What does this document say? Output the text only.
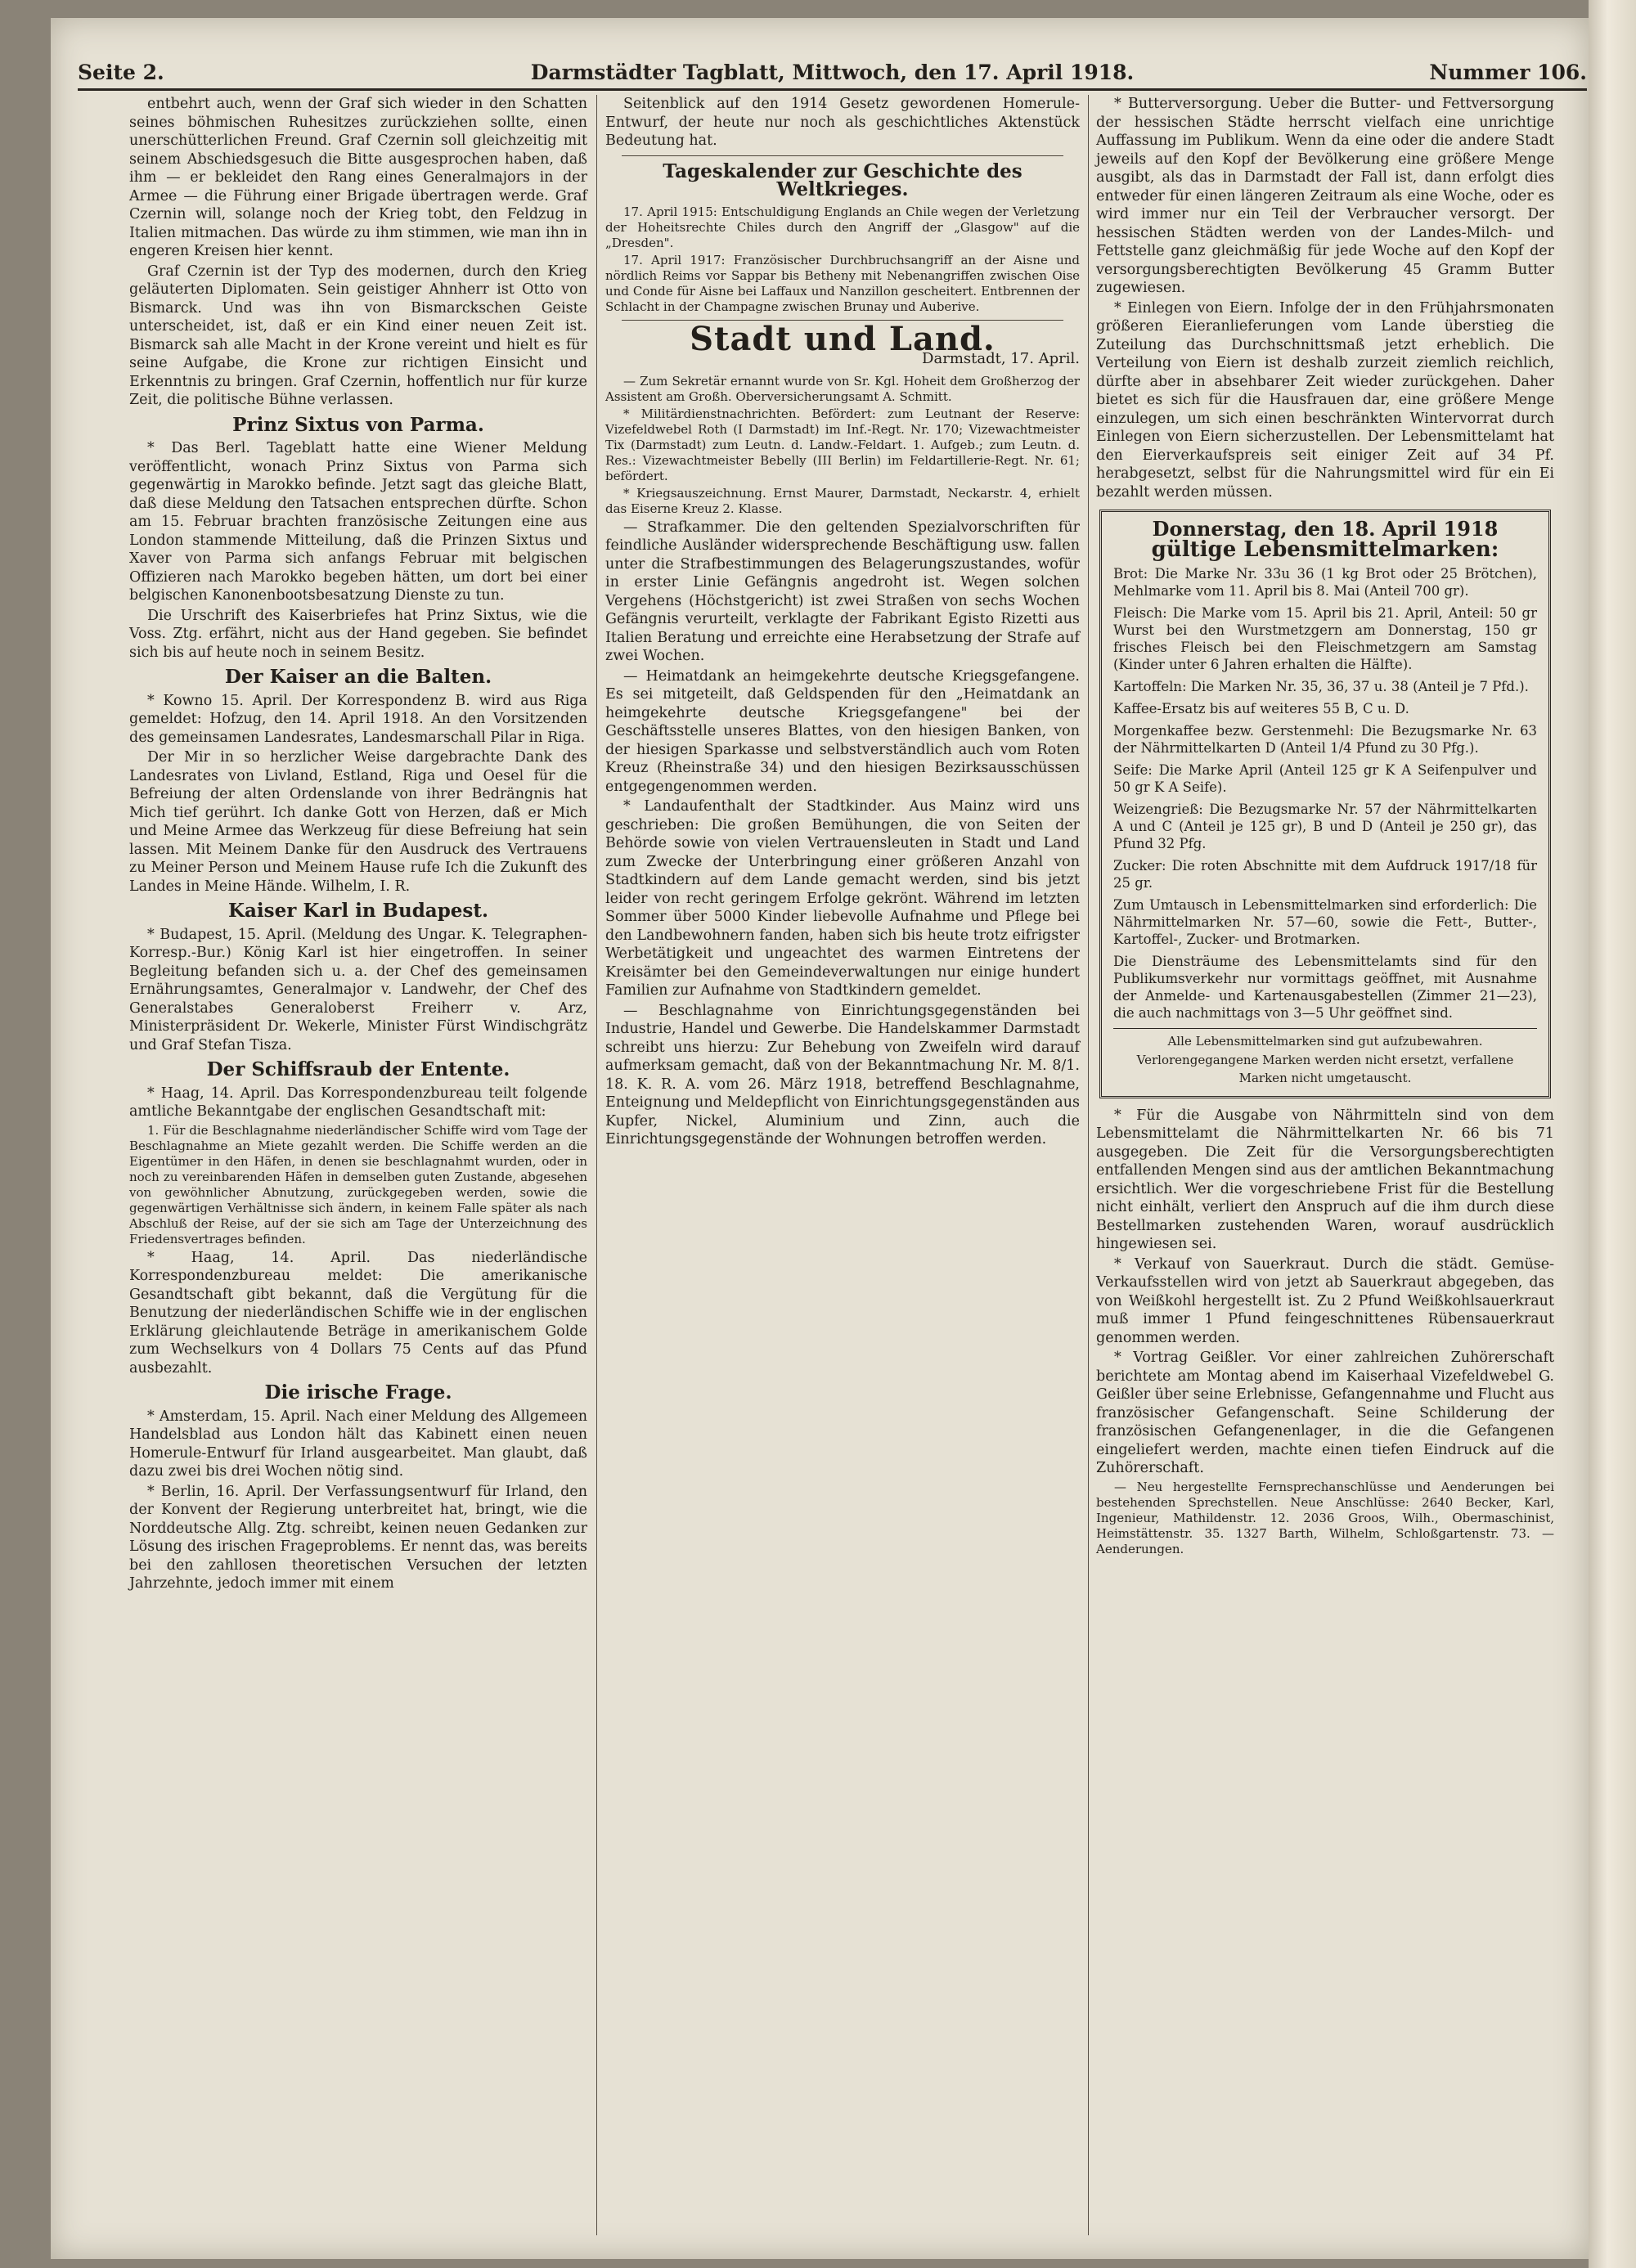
Seite 2.	Darmstädter Tagblatt, Mittwoch, den 17. April 1918.	Nummer 106.

entbehrt auch, wenn der Graf sich wieder in den Schatten seines böhmischen Ruhesitzes zurückziehen sollte, einen unerschütterlichen Freund. Graf Czernin soll gleichzeitig mit seinem Abschiedsgesuch die Bitte ausgesprochen haben, daß ihm — er bekleidet den Rang eines Generalmajors in der Armee — die Führung einer Brigade übertragen werde. Graf Czernin will, solange noch der Krieg tobt, den Feldzug in Italien mitmachen. Das würde zu ihm stimmen, wie man ihn in engeren Kreisen hier kennt.

Graf Czernin ist der Typ des modernen, durch den Krieg geläuterten Diplomaten. Sein geistiger Ahnherr ist Otto von Bismarck. Und was ihn von Bismarckschen Geiste unterscheidet, ist, daß er ein Kind einer neuen Zeit ist. Bismarck sah alle Macht in der Krone vereint und hielt es für seine Aufgabe, die Krone zur richtigen Einsicht und Erkenntnis zu bringen. Graf Czernin, hoffentlich nur für kurze Zeit, die politische Bühne verlassen.

Prinz Sixtus von Parma.

* Das Berl. Tageblatt hatte eine Wiener Meldung veröffentlicht, wonach Prinz Sixtus von Parma sich gegenwärtig in Marokko befinde. Jetzt sagt das gleiche Blatt, daß diese Meldung den Tatsachen entsprechen dürfte. Schon am 15. Februar brachten französische Zeitungen eine aus London stammende Mitteilung, daß die Prinzen Sixtus und Xaver von Parma sich anfangs Februar mit belgischen Offizieren nach Marokko begeben hätten, um dort bei einer belgischen Kanonenbootsbesatzung Dienste zu tun.

Die Urschrift des Kaiserbriefes hat Prinz Sixtus, wie die Voss. Ztg. erfährt, nicht aus der Hand gegeben. Sie befindet sich bis auf heute noch in seinem Besitz.

Der Kaiser an die Balten.

* Kowno 15. April. Der Korrespondenz B. wird aus Riga gemeldet: Hofzug, den 14. April 1918. An den Vorsitzenden des gemeinsamen Landesrates, Landesmarschall Pilar in Riga.

Der Mir in so herzlicher Weise dargebrachte Dank des Landesrates von Livland, Estland, Riga und Oesel für die Befreiung der alten Ordenslande von ihrer Bedrängnis hat Mich tief gerührt. Ich danke Gott von Herzen, daß er Mich und Meine Armee das Werkzeug für diese Befreiung hat sein lassen. Mit Meinem Danke für den Ausdruck des Vertrauens zu Meiner Person und Meinem Hause rufe Ich die Zukunft des Landes in Meine Hände. Wilhelm, I. R.

Kaiser Karl in Budapest.

* Budapest, 15. April. (Meldung des Ungar. K. Telegraphen-Korresp.-Bur.) König Karl ist hier eingetroffen. In seiner Begleitung befanden sich u. a. der Chef des gemeinsamen Ernährungsamtes, Generalmajor v. Landwehr, der Chef des Generalstabes Generaloberst Freiherr v. Arz, Ministerpräsident Dr. Wekerle, Minister Fürst Windischgrätz und Graf Stefan Tisza.

Der Schiffsraub der Entente.

* Haag, 14. April. Das Korrespondenzbureau teilt folgende amtliche Bekanntgabe der englischen Gesandtschaft mit:

1. Für die Beschlagnahme niederländischer Schiffe wird vom Tage der Beschlagnahme an Miete gezahlt werden. Die Schiffe werden an die Eigentümer in den Häfen, in denen sie beschlagnahmt wurden, oder in noch zu vereinbarenden Häfen in demselben guten Zustande, abgesehen von gewöhnlicher Abnutzung, zurückgegeben werden, sowie die gegenwärtigen Verhältnisse sich ändern, in keinem Falle später als nach Abschluß der Reise, auf der sie sich am Tage der Unterzeichnung des Friedensvertrages befinden.

* Haag, 14. April. Das niederländische Korrespondenzbureau meldet: Die amerikanische Gesandtschaft gibt bekannt, daß die Vergütung für die Benutzung der niederländischen Schiffe wie in der englischen Erklärung gleichlautende Beträge in amerikanischem Golde zum Wechselkurs von 4 Dollars 75 Cents auf das Pfund ausbezahlt.

Die irische Frage.

* Amsterdam, 15. April. Nach einer Meldung des Allgemeen Handelsblad aus London hält das Kabinett einen neuen Homerule-Entwurf für Irland ausgearbeitet. Man glaubt, daß dazu zwei bis drei Wochen nötig sind.

* Berlin, 16. April. Der Verfassungsentwurf für Irland, den der Konvent der Regierung unterbreitet hat, bringt, wie die Norddeutsche Allg. Ztg. schreibt, keinen neuen Gedanken zur Lösung des irischen Frageproblems. Er nennt das, was bereits bei den zahllosen theoretischen Versuchen der letzten Jahrzehnte, jedoch immer mit einem

Seitenblick auf den 1914 Gesetz gewordenen Homerule-Entwurf, der heute nur noch als geschichtliches Aktenstück Bedeutung hat.

Tageskalender zur Geschichte des Weltkrieges.

17. April 1915: Entschuldigung Englands an Chile wegen der Verletzung der Hoheitsrechte Chiles durch den Angriff der „Glasgow" auf die „Dresden".

17. April 1917: Französischer Durchbruchsangriff an der Aisne und nördlich Reims vor Sappar bis Betheny mit Nebenangriffen zwischen Oise und Conde für Aisne bei Laffaux und Nanzillon gescheitert. Entbrennen der Schlacht in der Champagne zwischen Brunay und Auberive.

Stadt und Land.
Darmstadt, 17. April.

— Zum Sekretär ernannt wurde von Sr. Kgl. Hoheit dem Großherzog der Assistent am Großh. Oberversicherungsamt A. Schmitt.

* Militärdienstnachrichten. Befördert: zum Leutnant der Reserve: Vizefeldwebel Roth (I Darmstadt) im Inf.-Regt. Nr. 170; Vizewachtmeister Tix (Darmstadt) zum Leutn. d. Landw.-Feldart. 1. Aufgeb.; zum Leutn. d. Res.: Vizewachtmeister Bebelly (III Berlin) im Feldartillerie-Regt. Nr. 61; befördert.

* Kriegsauszeichnung. Ernst Maurer, Darmstadt, Neckarstr. 4, erhielt das Eiserne Kreuz 2. Klasse.

— Strafkammer. Die den geltenden Spezialvorschriften für feindliche Ausländer widersprechende Beschäftigung usw. fallen unter die Strafbestimmungen des Belagerungszustandes, wofür in erster Linie Gefängnis angedroht ist. Wegen solchen Vergehens (Höchstgericht) ist zwei Straßen von sechs Wochen Gefängnis verurteilt, verklagte der Fabrikant Egisto Rizetti aus Italien Beratung und erreichte eine Herabsetzung der Strafe auf zwei Wochen.

— Heimatdank an heimgekehrte deutsche Kriegsgefangene. Es sei mitgeteilt, daß Geldspenden für den „Heimatdank an heimgekehrte deutsche Kriegsgefangene" bei der Geschäftsstelle unseres Blattes, von den hiesigen Banken, von der hiesigen Sparkasse und selbstverständlich auch vom Roten Kreuz (Rheinstraße 34) und den hiesigen Bezirksausschüssen entgegengenommen werden.

* Landaufenthalt der Stadtkinder. Aus Mainz wird uns geschrieben: Die großen Bemühungen, die von Seiten der Behörde sowie von vielen Vertrauensleuten in Stadt und Land zum Zwecke der Unterbringung einer größeren Anzahl von Stadtkindern auf dem Lande gemacht werden, sind bis jetzt leider von recht geringem Erfolge gekrönt. Während im letzten Sommer über 5000 Kinder liebevolle Aufnahme und Pflege bei den Landbewohnern fanden, haben sich bis heute trotz eifrigster Werbetätigkeit und ungeachtet des warmen Eintretens der Kreisämter bei den Gemeindeverwaltungen nur einige hundert Familien zur Aufnahme von Stadtkindern gemeldet.

— Beschlagnahme von Einrichtungsgegenständen bei Industrie, Handel und Gewerbe. Die Handelskammer Darmstadt schreibt uns hierzu: Zur Behebung von Zweifeln wird darauf aufmerksam gemacht, daß von der Bekanntmachung Nr. M. 8/1. 18. K. R. A. vom 26. März 1918, betreffend Beschlagnahme, Enteignung und Meldepflicht von Einrichtungsgegenständen aus Kupfer, Nickel, Aluminium und Zinn, auch die Einrichtungsgegenstände der Wohnungen betroffen werden.

* Butterversorgung. Ueber die Butter- und Fettversorgung der hessischen Städte herrscht vielfach eine unrichtige Auffassung im Publikum. Wenn da eine oder die andere Stadt jeweils auf den Kopf der Bevölkerung eine größere Menge ausgibt, als das in Darmstadt der Fall ist, dann erfolgt dies entweder für einen längeren Zeitraum als eine Woche, oder es wird immer nur ein Teil der Verbraucher versorgt. Der hessischen Städten werden von der Landes-Milch- und Fettstelle ganz gleichmäßig für jede Woche auf den Kopf der versorgungsberechtigten Bevölkerung 45 Gramm Butter zugewiesen.

* Einlegen von Eiern. Infolge der in den Frühjahrsmonaten größeren Eieranlieferungen vom Lande überstieg die Zuteilung das Durchschnittsmaß jetzt erheblich. Die Verteilung von Eiern ist deshalb zurzeit ziemlich reichlich, dürfte aber in absehbarer Zeit wieder zurückgehen. Daher bietet es sich für die Hausfrauen dar, eine größere Menge einzulegen, um sich einen beschränkten Wintervorrat durch Einlegen von Eiern sicherzustellen. Der Lebensmittelamt hat den Eierverkaufspreis seit einiger Zeit auf 34 Pf. herabgesetzt, selbst für die Nahrungsmittel wird für ein Ei bezahlt werden müssen.

Donnerstag, den 18. April 1918
gültige Lebensmittelmarken:

Brot: Die Marke Nr. 33u 36 (1 kg Brot oder 25 Brötchen), Mehlmarke vom 11. April bis 8. Mai (Anteil 700 gr).

Fleisch: Die Marke vom 15. April bis 21. April, Anteil: 50 gr Wurst bei den Wurstmetzgern am Donnerstag, 150 gr frisches Fleisch bei den Fleischmetzgern am Samstag (Kinder unter 6 Jahren erhalten die Hälfte).

Kartoffeln: Die Marken Nr. 35, 36, 37 u. 38 (Anteil je 7 Pfd.).

Kaffee-Ersatz bis auf weiteres 55 B, C u. D.

Morgenkaffee bezw. Gerstenmehl: Die Bezugsmarke Nr. 63 der Nährmittelkarten D (Anteil 1/4 Pfund zu 30 Pfg.).

Seife: Die Marke April (Anteil 125 gr K A Seifenpulver und 50 gr K A Seife).

Weizengrieß: Die Bezugsmarke Nr. 57 der Nährmittelkarten A und C (Anteil je 125 gr), B und D (Anteil je 250 gr), das Pfund 32 Pfg.

Zucker: Die roten Abschnitte mit dem Aufdruck 1917/18 für 25 gr.

Zum Umtausch in Lebensmittelmarken sind erforderlich: Die Nährmittelmarken Nr. 57—60, sowie die Fett-, Butter-, Kartoffel-, Zucker- und Brotmarken.

Die Diensträume des Lebensmittelamts sind für den Publikumsverkehr nur vormittags geöffnet, mit Ausnahme der Anmelde- und Kartenausgabestellen (Zimmer 21—23), die auch nachmittags von 3—5 Uhr geöffnet sind.

Alle Lebensmittelmarken sind gut aufzubewahren. Verlorengegangene Marken werden nicht ersetzt, verfallene Marken nicht umgetauscht.

* Für die Ausgabe von Nährmitteln sind von dem Lebensmittelamt die Nährmittelkarten Nr. 66 bis 71 ausgegeben. Die Zeit für die Versorgungsberechtigten entfallenden Mengen sind aus der amtlichen Bekanntmachung ersichtlich. Wer die vorgeschriebene Frist für die Bestellung nicht einhält, verliert den Anspruch auf die ihm durch diese Bestellmarken zustehenden Waren, worauf ausdrücklich hingewiesen sei.

* Verkauf von Sauerkraut. Durch die städt. Gemüse-Verkaufsstellen wird von jetzt ab Sauerkraut abgegeben, das von Weißkohl hergestellt ist. Zu 2 Pfund Weißkohlsauerkraut muß immer 1 Pfund feingeschnittenes Rübensauerkraut genommen werden.

* Vortrag Geißler. Vor einer zahlreichen Zuhörerschaft berichtete am Montag abend im Kaiserhaal Vizefeldwebel G. Geißler über seine Erlebnisse, Gefangennahme und Flucht aus französischer Gefangenschaft. Seine Schilderung der französischen Gefangenenlager, in die die Gefangenen eingeliefert werden, machte einen tiefen Eindruck auf die Zuhörerschaft.

— Neu hergestellte Fernsprechanschlüsse und Aenderungen bei bestehenden Sprechstellen. Neue Anschlüsse: 2640 Becker, Karl, Ingenieur, Mathildenstr. 12. 2036 Groos, Wilh., Obermaschinist, Heimstättenstr. 35. 1327 Barth, Wilhelm, Schloßgartenstr. 73. — Aenderungen.
